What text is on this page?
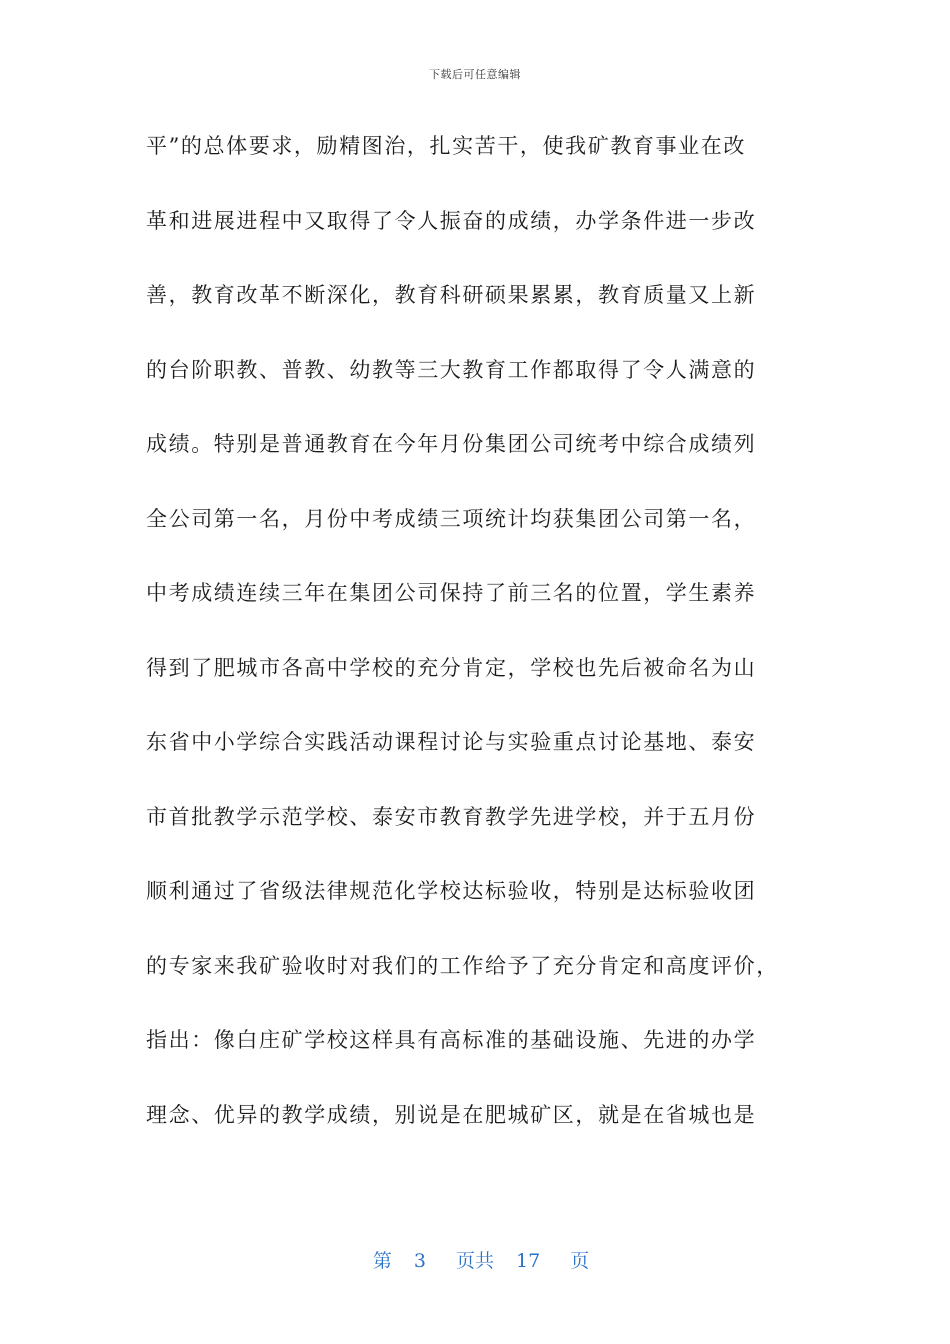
下载后可任意编辑
平”的总体要求，励精图治，扎实苦干，使我矿教育事业在改
革和进展进程中又取得了令人振奋的成绩，办学条件进一步改
善，教育改革不断深化，教育科研硕果累累，教育质量又上新
的台阶职教、普教、幼教等三大教育工作都取得了令人满意的
成绩。特别是普通教育在今年月份集团公司统考中综合成绩列
全公司第一名，月份中考成绩三项统计均获集团公司第一名，
中考成绩连续三年在集团公司保持了前三名的位置，学生素养
得到了肥城市各高中学校的充分肯定，学校也先后被命名为山
东省中小学综合实践活动课程讨论与实验重点讨论基地、泰安
市首批教学示范学校、泰安市教育教学先进学校，并于五月份
顺利通过了省级法律规范化学校达标验收，特别是达标验收团
的专家来我矿验收时对我们的工作给予了充分肯定和高度评价，
指出：像白庄矿学校这样具有高标准的基础设施、先进的办学
理念、优异的教学成绩，别说是在肥城矿区，就是在省城也是

第 3 页共 17 页
